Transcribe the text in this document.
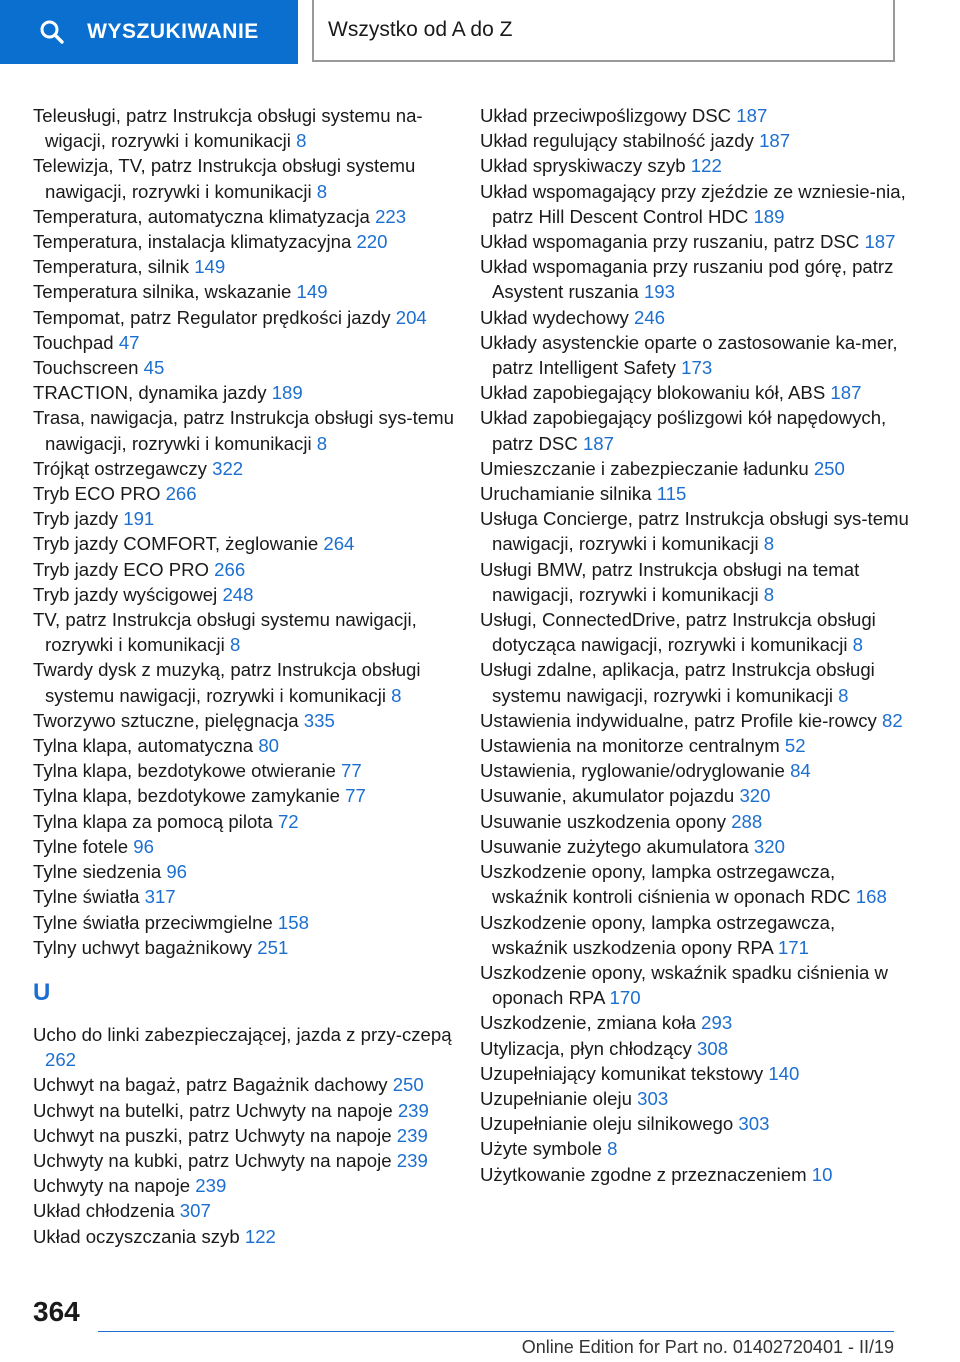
WYSZUKIWANIE	Wszystko od A do Z
Teleusługi, patrz Instrukcja obsługi systemu na-wigacji, rozrywki i komunikacji 8
Telewizja, TV, patrz Instrukcja obsługi systemu nawigacji, rozrywki i komunikacji 8
Temperatura, automatyczna klimatyzacja 223
Temperatura, instalacja klimatyzacyjna 220
Temperatura, silnik 149
Temperatura silnika, wskazanie 149
Tempomat, patrz Regulator prędkości jazdy 204
Touchpad 47
Touchscreen 45
TRACTION, dynamika jazdy 189
Trasa, nawigacja, patrz Instrukcja obsługi sys-temu nawigacji, rozrywki i komunikacji 8
Trójkąt ostrzegawczy 322
Tryb ECO PRO 266
Tryb jazdy 191
Tryb jazdy COMFORT, żeglowanie 264
Tryb jazdy ECO PRO 266
Tryb jazdy wyścigowej 248
TV, patrz Instrukcja obsługi systemu nawigacji, rozrywki i komunikacji 8
Twardy dysk z muzyką, patrz Instrukcja obsługi systemu nawigacji, rozrywki i komunikacji 8
Tworzywo sztuczne, pielęgnacja 335
Tylna klapa, automatyczna 80
Tylna klapa, bezdotykowe otwieranie 77
Tylna klapa, bezdotykowe zamykanie 77
Tylna klapa za pomocą pilota 72
Tylne fotele 96
Tylne siedzenia 96
Tylne światła 317
Tylne światła przeciwmgielne 158
Tylny uchwyt bagażnikowy 251
U
Ucho do linki zabezpieczającej, jazda z przy-czepą 262
Uchwyt na bagaż, patrz Bagażnik dachowy 250
Uchwyt na butelki, patrz Uchwyty na napoje 239
Uchwyt na puszki, patrz Uchwyty na napoje 239
Uchwyty na kubki, patrz Uchwyty na napoje 239
Uchwyty na napoje 239
Układ chłodzenia 307
Układ oczyszczania szyb 122
Układ przeciwpoślizgowy DSC 187
Układ regulujący stabilność jazdy 187
Układ spryskiwaczy szyb 122
Układ wspomagający przy zjeździe ze wzniesie-nia, patrz Hill Descent Control HDC 189
Układ wspomagania przy ruszaniu, patrz DSC 187
Układ wspomagania przy ruszaniu pod górę, patrz Asystent ruszania 193
Układ wydechowy 246
Układy asystenckie oparte o zastosowanie ka-mer, patrz Intelligent Safety 173
Układ zapobiegający blokowaniu kół, ABS 187
Układ zapobiegający poślizgowi kół napędowych, patrz DSC 187
Umieszczanie i zabezpieczanie ładunku 250
Uruchamianie silnika 115
Usługa Concierge, patrz Instrukcja obsługi sys-temu nawigacji, rozrywki i komunikacji 8
Usługi BMW, patrz Instrukcja obsługi na temat nawigacji, rozrywki i komunikacji 8
Usługi, ConnectedDrive, patrz Instrukcja obsługi dotycząca nawigacji, rozrywki i komunikacji 8
Usługi zdalne, aplikacja, patrz Instrukcja obsługi systemu nawigacji, rozrywki i komunikacji 8
Ustawienia indywidualne, patrz Profile kie-rowcy 82
Ustawienia na monitorze centralnym 52
Ustawienia, ryglowanie/odryglowanie 84
Usuwanie, akumulator pojazdu 320
Usuwanie uszkodzenia opony 288
Usuwanie zużytego akumulatora 320
Uszkodzenie opony, lampka ostrzegawcza, wskaźnik kontroli ciśnienia w oponach RDC 168
Uszkodzenie opony, lampka ostrzegawcza, wskaźnik uszkodzenia opony RPA 171
Uszkodzenie opony, wskaźnik spadku ciśnienia w oponach RPA 170
Uszkodzenie, zmiana koła 293
Utylizacja, płyn chłodzący 308
Uzupełniający komunikat tekstowy 140
Uzupełnianie oleju 303
Uzupełnianie oleju silnikowego 303
Użyte symbole 8
Użytkowanie zgodne z przeznaczeniem 10
364
Online Edition for Part no. 01402720401 - II/19
